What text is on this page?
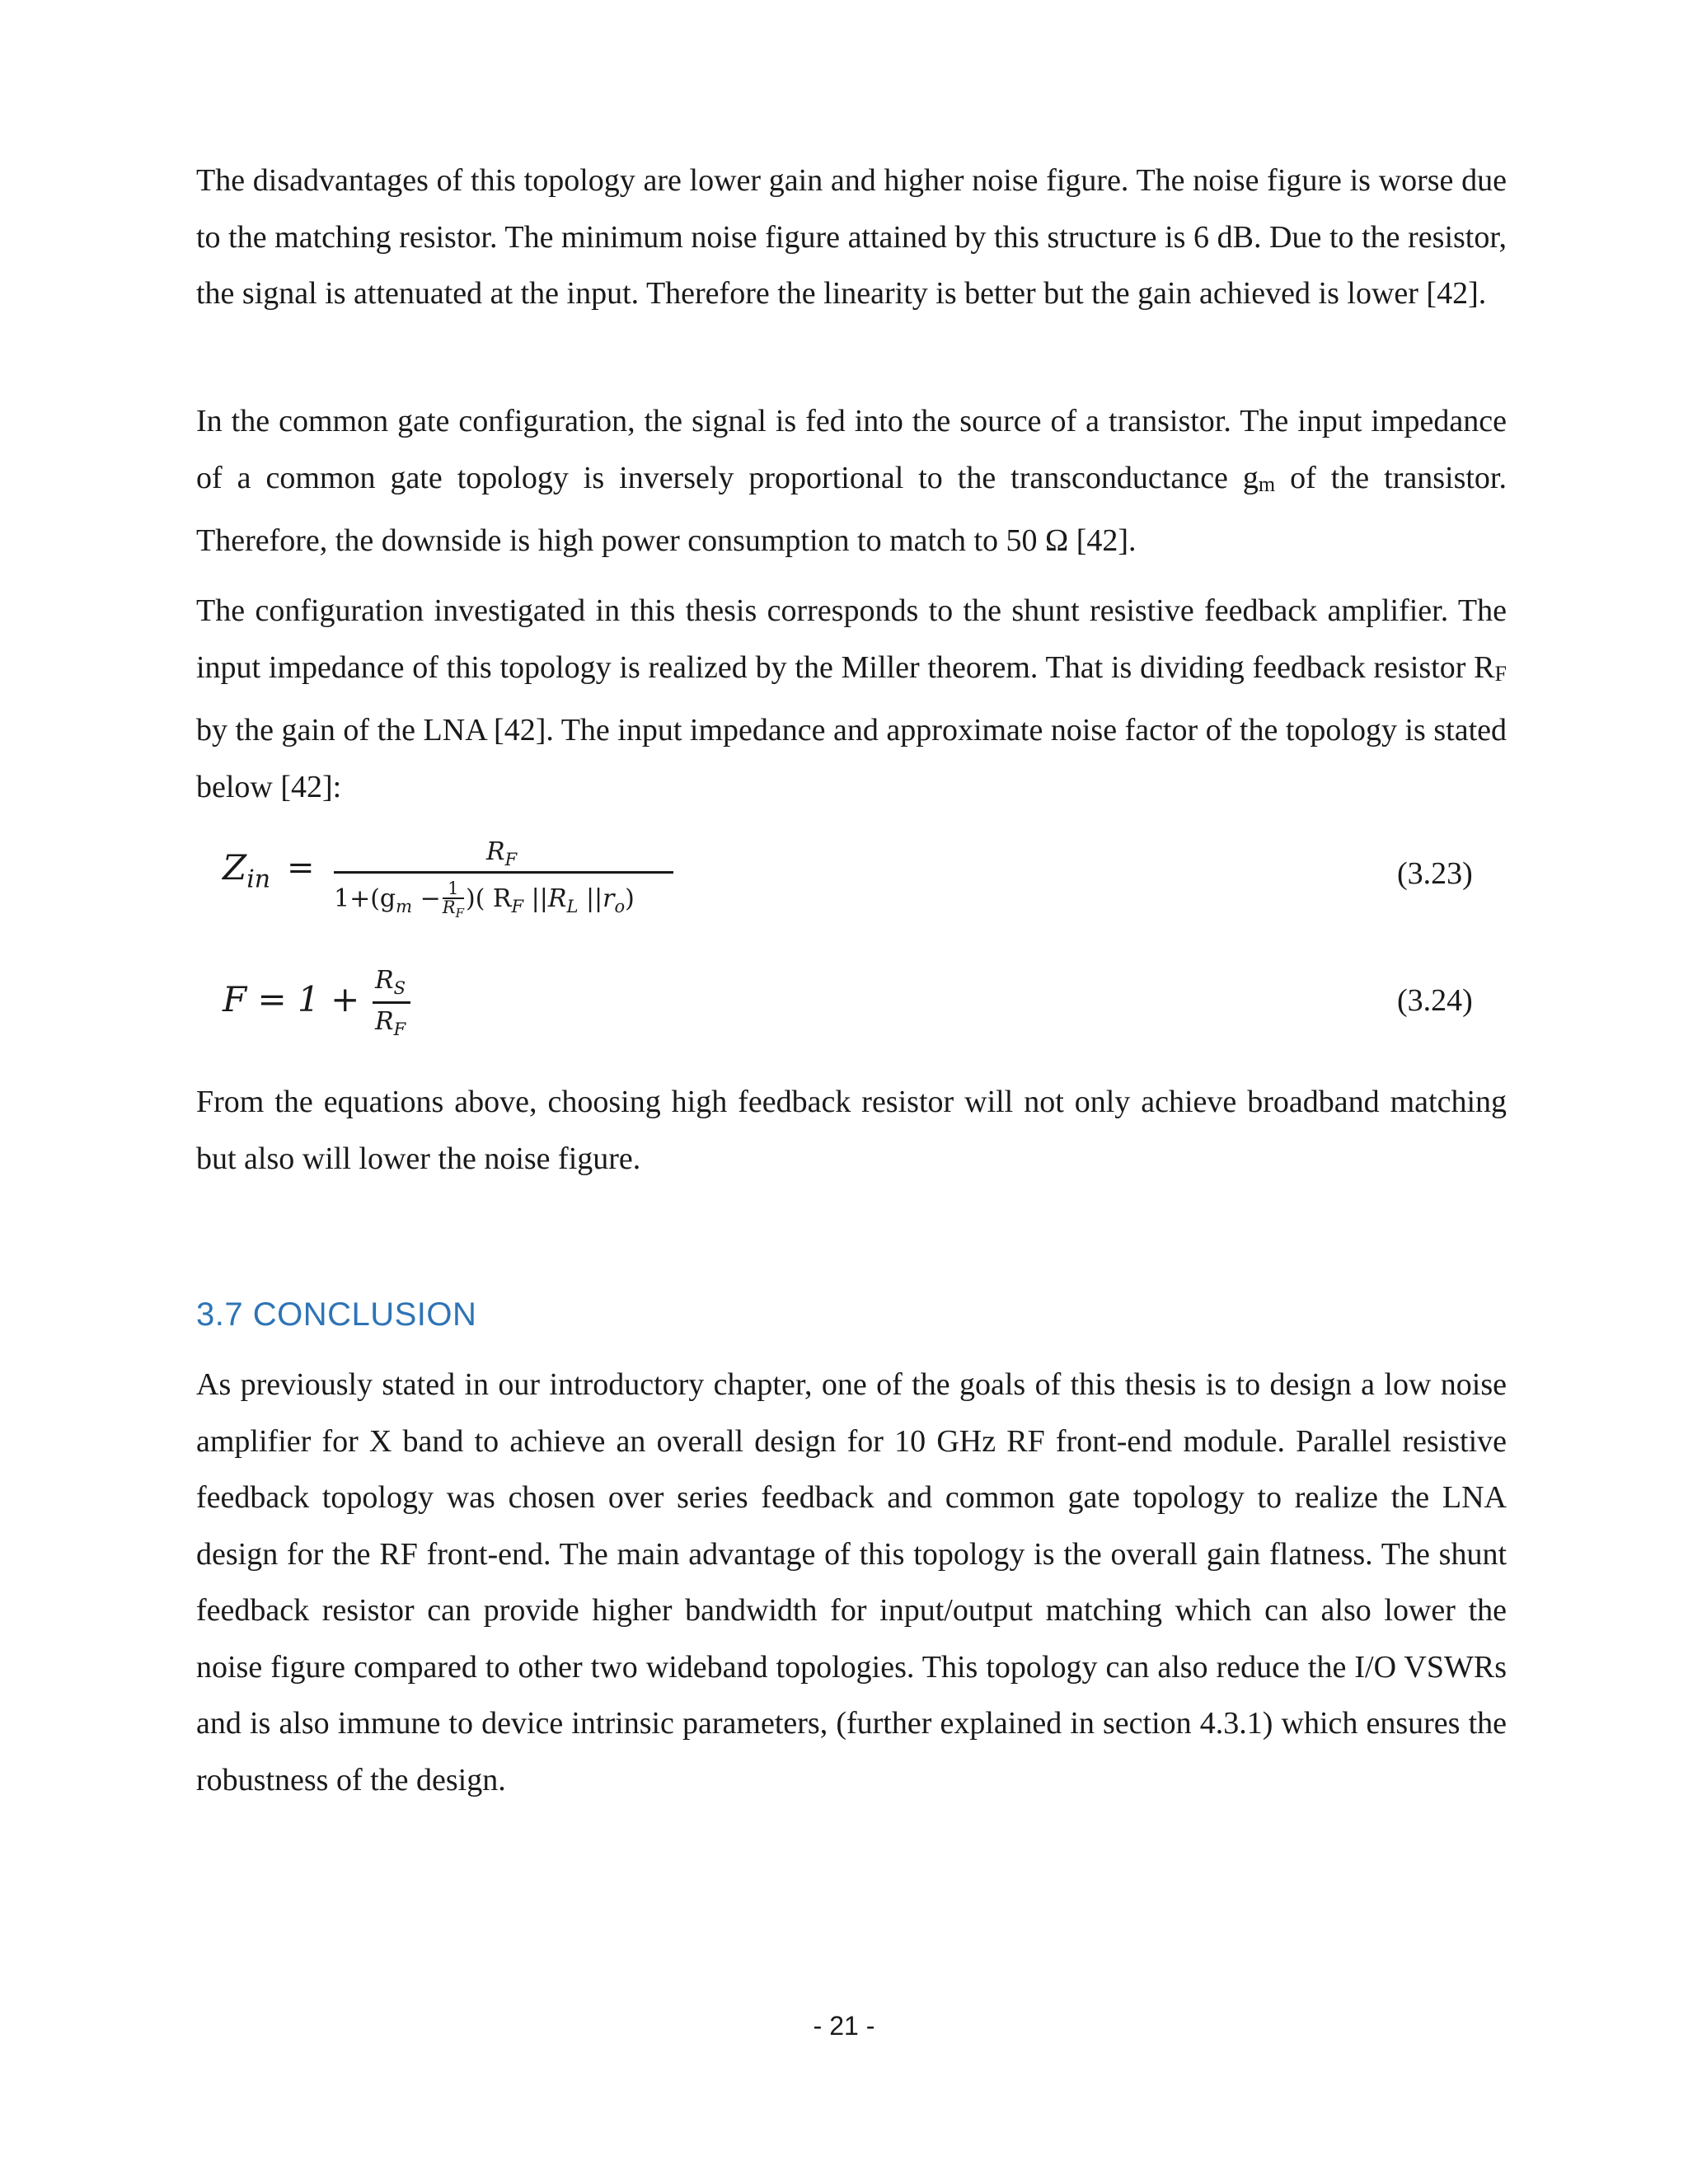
The disadvantages of this topology are lower gain and higher noise figure. The noise figure is worse due to the matching resistor. The minimum noise figure attained by this structure is 6 dB. Due to the resistor, the signal is attenuated at the input. Therefore the linearity is better but the gain achieved is lower [42].

In the common gate configuration, the signal is fed into the source of a transistor. The input impedance of a common gate topology is inversely proportional to the transconductance gm of the transistor. Therefore, the downside is high power consumption to match to 50 Ω [42].

The configuration investigated in this thesis corresponds to the shunt resistive feedback amplifier. The input impedance of this topology is realized by the Miller theorem. That is dividing feedback resistor RF by the gain of the LNA [42]. The input impedance and approximate noise factor of the topology is stated below [42]:

$Z_{in}$ =	$R_F$
$1+(g_m - \frac{1}{R_F}$ )( $R_F$ $||R_L$ $||r_o$)
(3.23)
$F = 1 + R_S$
$R_F$
(3.24)

From the equations above, choosing high feedback resistor will not only achieve broadband matching but also will lower the noise figure.

3.7 CONCLUSION

As previously stated in our introductory chapter, one of the goals of this thesis is to design a low noise amplifier for X band to achieve an overall design for 10 GHz RF front-end module. Parallel resistive feedback topology was chosen over series feedback and common gate topology to realize the LNA design for the RF front-end. The main advantage of this topology is the overall gain flatness. The shunt feedback resistor can provide higher bandwidth for input/output matching which can also lower the noise figure compared to other two wideband topologies. This topology can also reduce the I/O VSWRs and is also immune to device intrinsic parameters, (further explained in section 4.3.1) which ensures the robustness of the design.

- 21 -
